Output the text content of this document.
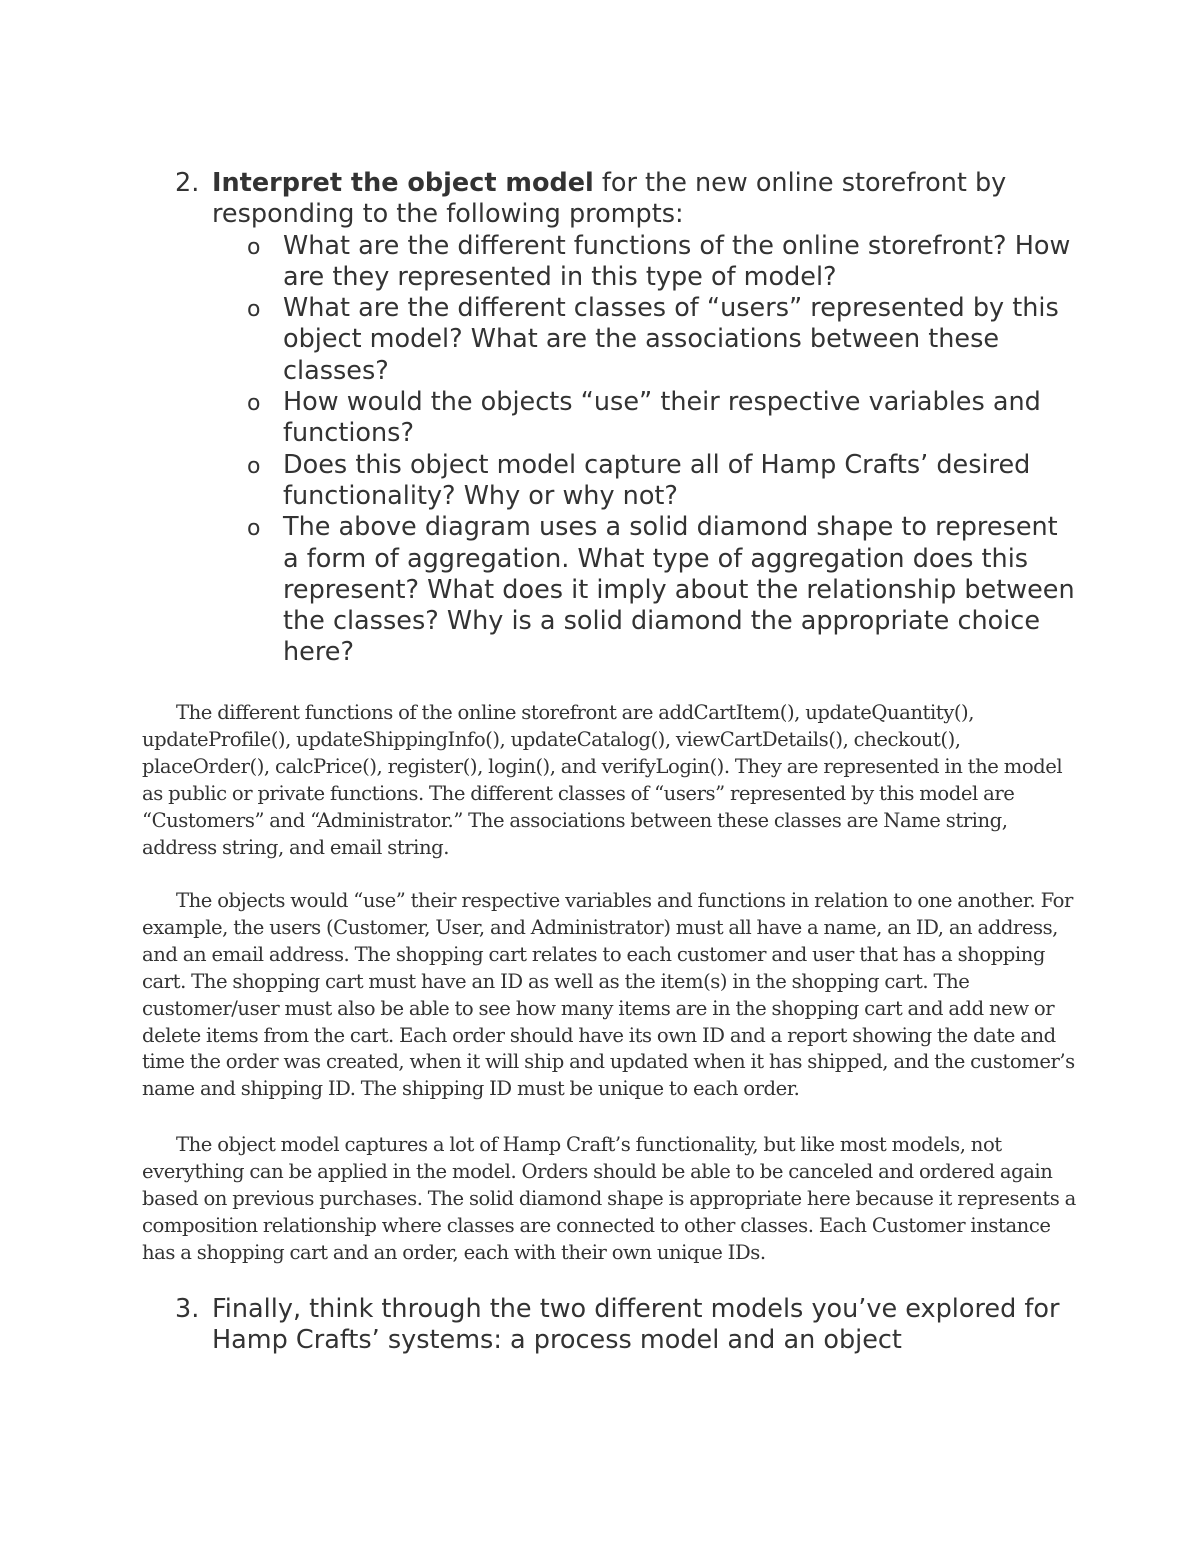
2. Interpret the object model for the new online storefront by responding to the following prompts:
o What are the different functions of the online storefront? How are they represented in this type of model?
o What are the different classes of “users” represented by this object model? What are the associations between these classes?
o How would the objects “use” their respective variables and functions?
o Does this object model capture all of Hamp Crafts’ desired functionality? Why or why not?
o The above diagram uses a solid diamond shape to represent a form of aggregation. What type of aggregation does this represent? What does it imply about the relationship between the classes? Why is a solid diamond the appropriate choice here?

The different functions of the online storefront are addCartItem(), updateQuantity(), updateProfile(), updateShippingInfo(), updateCatalog(), viewCartDetails(), checkout(), placeOrder(), calcPrice(), register(), login(), and verifyLogin(). They are represented in the model as public or private functions. The different classes of “users” represented by this model are “Customers” and “Administrator.” The associations between these classes are Name string, address string, and email string.

The objects would “use” their respective variables and functions in relation to one another. For example, the users (Customer, User, and Administrator) must all have a name, an ID, an address, and an email address. The shopping cart relates to each customer and user that has a shopping cart. The shopping cart must have an ID as well as the item(s) in the shopping cart. The customer/user must also be able to see how many items are in the shopping cart and add new or delete items from the cart. Each order should have its own ID and a report showing the date and time the order was created, when it will ship and updated when it has shipped, and the customer’s name and shipping ID. The shipping ID must be unique to each order.

The object model captures a lot of Hamp Craft’s functionality, but like most models, not everything can be applied in the model. Orders should be able to be canceled and ordered again based on previous purchases. The solid diamond shape is appropriate here because it represents a composition relationship where classes are connected to other classes. Each Customer instance has a shopping cart and an order, each with their own unique IDs.

3. Finally, think through the two different models you’ve explored for Hamp Crafts’ systems: a process model and an object
